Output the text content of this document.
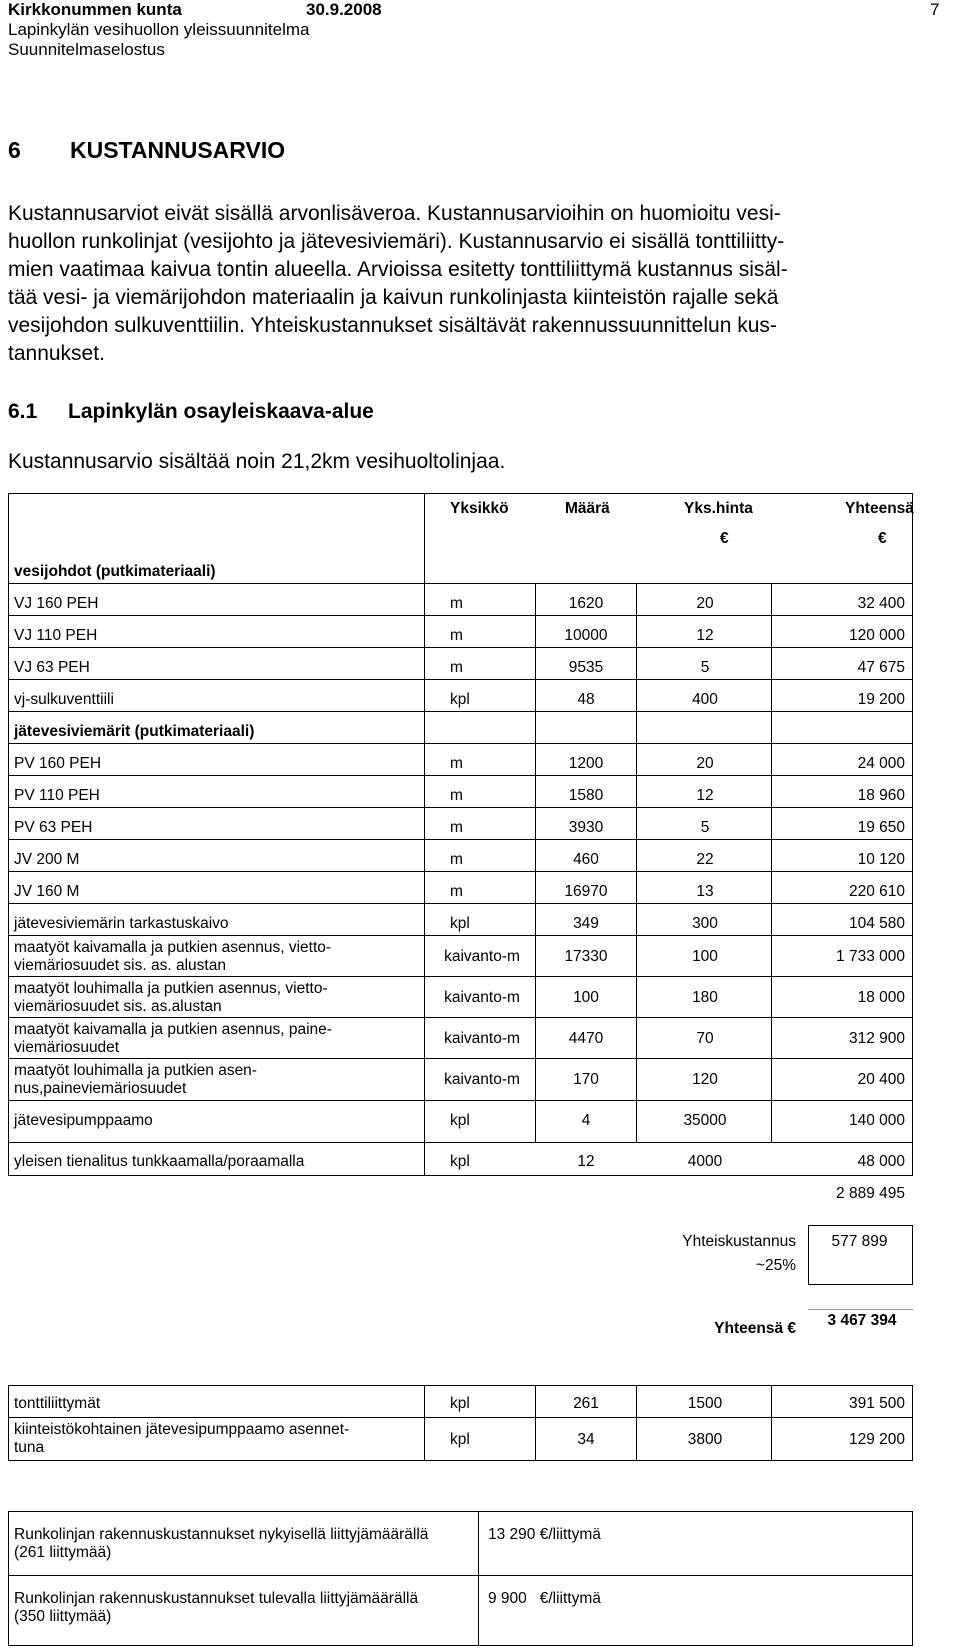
Kirkkonummen kunta	30.9.2008	7
Lapinkylän vesihuollon yleissuunnitelma
Suunnitelmaselostus
6 KUSTANNUSARVIO
Kustannusarviot eivät sisällä arvonlisäveroa. Kustannusarvioihin on huomioitu vesi-
huollon runkolinjat (vesijohto ja jätevesiviemäri). Kustannusarvio ei sisällä tonttiliitty-
mien vaatimaa kaivua tontin alueella. Arvioissa esitetty tonttiliittymä kustannus sisäl-
tää vesi- ja viemärijohdon materiaalin ja kaivun runkolinjasta kiinteistön rajalle sekä
vesijohdon sulkuventtiilin. Yhteiskustannukset sisältävät rakennussuunnittelun kus-
tannukset.
6.1 Lapinkylän osayleiskaava-alue
Kustannusarvio sisältää noin 21,2km vesihuoltolinjaa.
Yksikkö	Määrä	Yks.hinta	Yhteensä
€	€
vesijohdot (putkimateriaali)
VJ 160 PEH	m	1620	20	32 400
VJ 110 PEH	m	10000	12	120 000
VJ 63 PEH	m	9535	5	47 675
vj-sulkuventtiili	kpl	48	400	19 200
jätevesiviemärit (putkimateriaali)
PV 160 PEH	m	1200	20	24 000
PV 110 PEH	m	1580	12	18 960
PV 63 PEH	m	3930	5	19 650
JV 200 M	m	460	22	10 120
JV 160 M	m	16970	13	220 610
jätevesiviemärin tarkastuskaivo	kpl	349	300	104 580
maatyöt kaivamalla ja putkien asennus, vietto-
viemäriosuudet sis. as. alustan
kaivanto-m	17330	100	1 733 000
maatyöt louhimalla ja putkien asennus, vietto-
viemäriosuudet sis. as.alustan
kaivanto-m	100	180	18 000
maatyöt kaivamalla ja putkien asennus, paine-
viemäriosuudet
kaivanto-m	4470	70	312 900
maatyöt louhimalla ja putkien asen-
nus,paineviemäriosuudet
kaivanto-m	170	120	20 400
jätevesipumppaamo	kpl	4	35000	140 000
yleisen tienalitus tunkkaamalla/poraamalla	kpl	12	4000	48 000
2 889 495
Yhteiskustannus
~25%
577 899
Yhteensä €	3 467 394
tonttiliittymät	kpl	261	1500	391 500
kiinteistökohtainen jätevesipumppaamo asennet-
tuna	kpl	34	3800	129 200
Runkolinjan rakennuskustannukset nykyisellä liittyjämäärällä
(261 liittymää)
13 290 €/liittymä
Runkolinjan rakennuskustannukset tulevalla liittyjämäärällä
(350 liittymää)
9 900   €/liittymä
